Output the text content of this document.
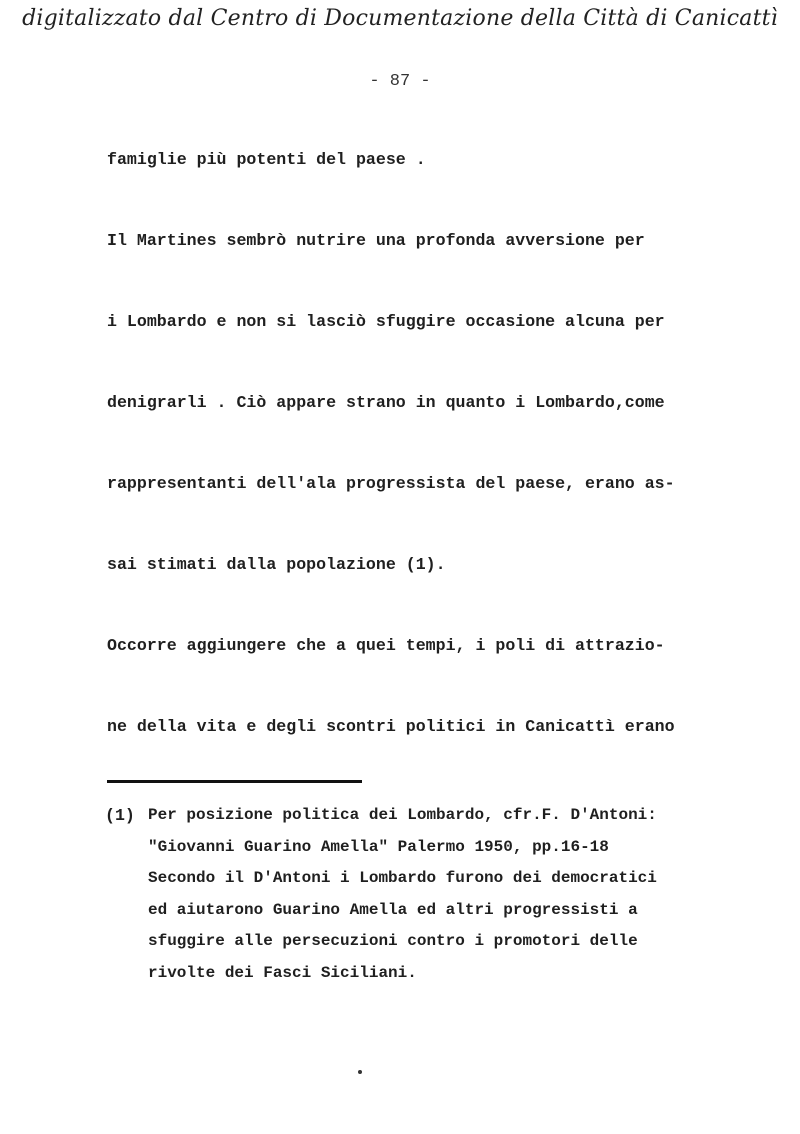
digitalizzato dal Centro di Documentazione della Città di Canicattì
- 87 -
famiglie più potenti del paese .
Il Martines sembrò nutrire una profonda avversione per
i Lombardo e non si lasciò sfuggire occasione alcuna per
denigrarli . Ciò appare strano in quanto i Lombardo,come
rappresentanti dell'ala progressista del paese, erano as-
sai stimati dalla popolazione (1).
Occorre aggiungere che a quei tempi, i poli di attrazio-
ne della vita e degli scontri politici in Canicattì erano
(1) Per posizione politica dei Lombardo, cfr.F. D'Antoni:
"Giovanni Guarino Amella" Palermo 1950, pp.16-18
Secondo il D'Antoni i Lombardo furono dei democratici
ed aiutarono Guarino Amella ed altri progressisti a
sfuggire alle persecuzioni contro i promotori delle
rivolte dei Fasci Siciliani.
